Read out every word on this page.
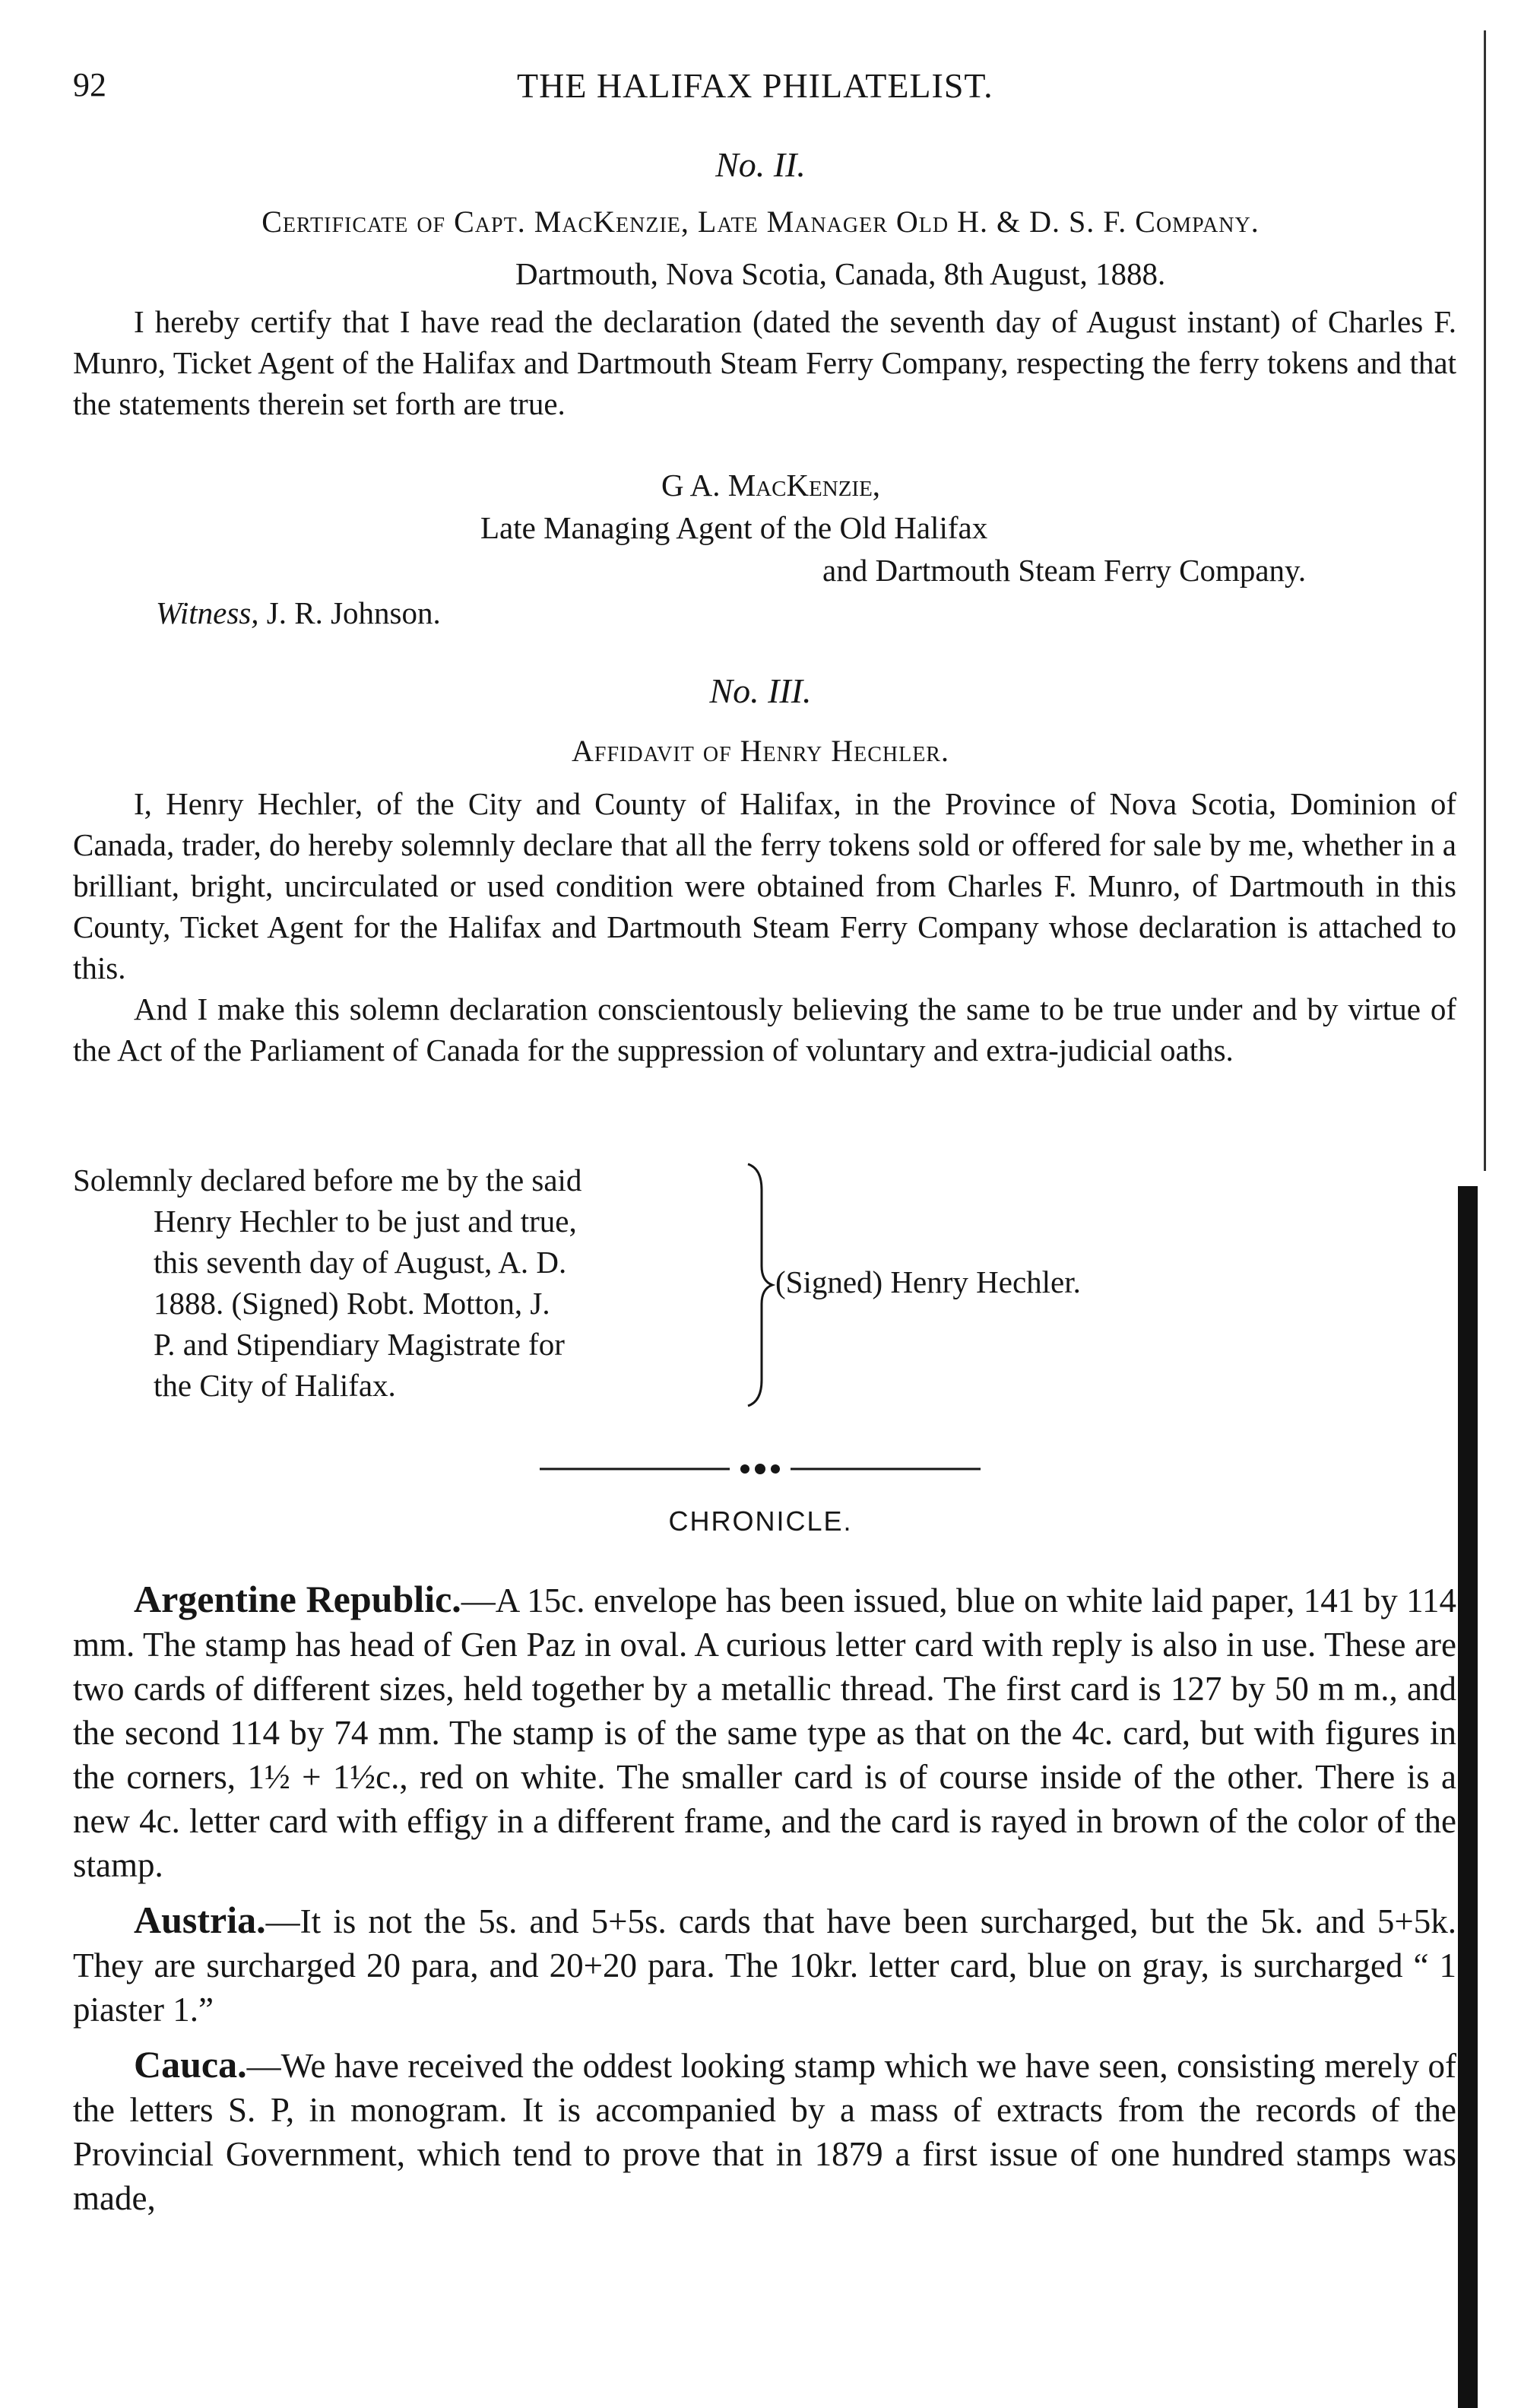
92	THE HALIFAX PHILATELIST.
No. II.
Certificate of Capt. MacKenzie, Late Manager Old H. & D. S. F. Company.
Dartmouth, Nova Scotia, Canada, 8th August, 1888.

I hereby certify that I have read the declaration (dated the seventh day of August instant) of Charles F. Munro, Ticket Agent of the Halifax and Dartmouth Steam Ferry Company, respecting the ferry tokens and that the statements therein set forth are true.

G A. MacKenzie,
Late Managing Agent of the Old Halifax
and Dartmouth Steam Ferry Company.
Witness, J. R. Johnson.
No. III.
Affidavit of Henry Hechler.

I, Henry Hechler, of the City and County of Halifax, in the Province of Nova Scotia, Dominion of Canada, trader, do hereby solemnly declare that all the ferry tokens sold or offered for sale by me, whether in a brilliant, bright, uncirculated or used condition were obtained from Charles F. Munro, of Dartmouth in this County, Ticket Agent for the Halifax and Dartmouth Steam Ferry Company whose declaration is attached to this.

And I make this solemn declaration conscientously believing the same to be true under and by virtue of the Act of the Parliament of Canada for the suppression of voluntary and extra-judicial oaths.

Solemnly declared before me by the said
Henry Hechler to be just and true,
this seventh day of August, A. D.
1888. (Signed) Robt. Motton, J.
P. and Stipendiary Magistrate for
the City of Halifax.
(Signed) Henry Hechler.
CHRONICLE.

Argentine Republic.—A 15c. envelope has been issued, blue on white laid paper, 141 by 114 mm. The stamp has head of Gen Paz in oval. A curious letter card with reply is also in use. These are two cards of different sizes, held together by a metallic thread. The first card is 127 by 50 m m., and the second 114 by 74 mm. The stamp is of the same type as that on the 4c. card, but with figures in the corners, 1½ + 1½c., red on white. The smaller card is of course inside of the other. There is a new 4c. letter card with effigy in a different frame, and the card is rayed in brown of the color of the stamp.

Austria.—It is not the 5s. and 5+5s. cards that have been surcharged, but the 5k. and 5+5k. They are surcharged 20 para, and 20+20 para. The 10kr. letter card, blue on gray, is surcharged “ 1 piaster 1.”

Cauca.—We have received the oddest looking stamp which we have seen, consisting merely of the letters S. P, in monogram. It is accompanied by a mass of extracts from the records of the Provincial Government, which tend to prove that in 1879 a first issue of one hundred stamps was made,
